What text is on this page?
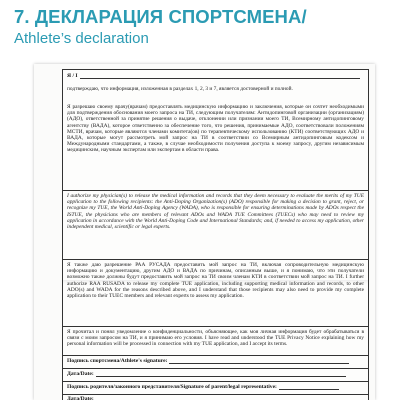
7. ДЕКЛАРАЦИЯ СПОРТСМЕНА/
Athlete’s declaration
Я / I
подтверждаю, что информация, изложенная в разделах 1, 2, 3 и 7, является достоверной и полной.
Я разрешаю своему врачу(врачам) предоставлять медицинскую информацию и заключения, которые он сочтет необходимыми для подтверждения обоснования моего запроса на ТИ, следующим получателям: Антидопинговой организации (организациям)(АДО), ответственной за принятие решения о выдаче, отклонении или признании моего ТИ, Всемирному антидопинговому агентству (ВАДА), которое ответственно за обеспечение того, что решения, принимаемые АДО, соответствовали положениям МСТИ, врачам, которые являются членами комитета(ов) по терапевтическому использованию (КТИ) соответствующих АДО и ВАДА, которые могут рассмотреть мой запрос на ТИ в соответствии со Всемирным антидопинговым кодексом и Международными стандартами, а также, в случае необходимости получения доступа к моему запросу, другим независимым медицинским, научным экспертам или экспертам в области права.
I authorize my physician(s) to release the medical information and records that they deem necessary to evaluate the merits of my TUE application to the following recipients: the Anti-Doping Organization(s) (ADO) responsible for making a decision to grant, reject, or recognize my TUE, the World Anti-Doping Agency (WADA), who is responsible for ensuring determinations made by ADOs respect the ISTUE, the physicians who are members of relevant ADOs and WADA TUE Committees (TUECs) who may need to review my application in accordance with the World Anti-Doping Code and International Standards; and, if needed to access my application, other independent medical, scientific or legal experts.
Я также даю разрешение РАА РУСАДА предоставить мой запрос на ТИ, включая сопроводительную медицинскую информацию и документацию, другим АДО и ВАДА по причинам, описанным выше, и я понимаю, что эти получатели возможно также должны будут предоставить мой запрос на ТИ своим членам КТИ в соответствии мой запрос на ТИ. I further authorize RAA RUSADA to release my complete TUE application, including supporting medical information and records, to other ADO(s) and WADA for the reasons described above, and I understand that those recipients may also need to provide my complete application to their TUEC members and relevant experts to assess my application.
Я прочитал и понял уведомление о конфиденциальности, объясняющее, как моя личная информация будет обрабатываться в связи с моим запросом на ТИ, и я принимаю его условия. I have read and understood the TUE Privacy Notice explaining how my personal information will be processed in connection with my TUE application, and I accept its terms.
Подпись спортсмена/Athlete's signature:
Дата/Date:
Подпись родителя/законного представителя/Signature of parent/legal representative:
Дата/Date:
